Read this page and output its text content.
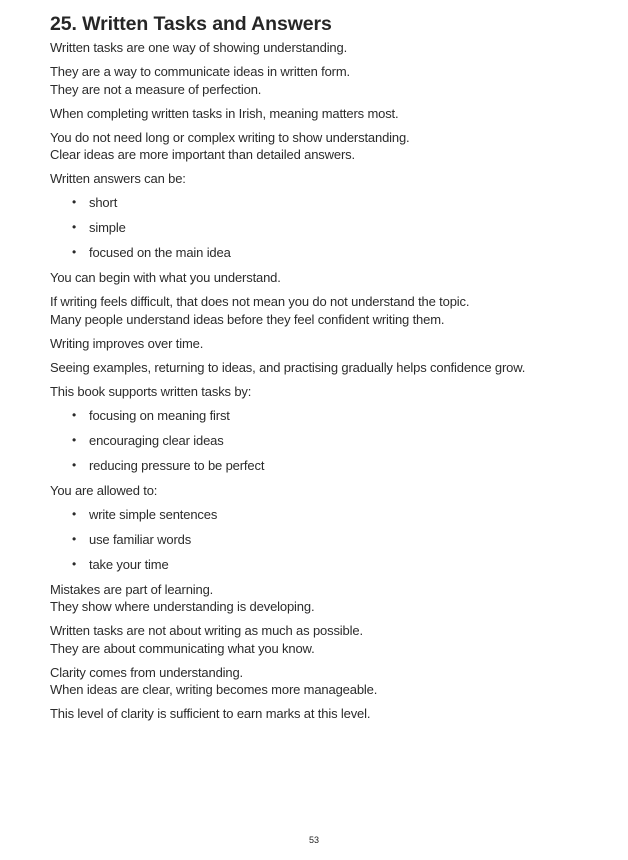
25. Written Tasks and Answers

Written tasks are one way of showing understanding.

They are a way to communicate ideas in written form.
They are not a measure of perfection.

When completing written tasks in Irish, meaning matters most.

You do not need long or complex writing to show understanding.
Clear ideas are more important than detailed answers.

Written answers can be:

• short
• simple
• focused on the main idea

You can begin with what you understand.

If writing feels difficult, that does not mean you do not understand the topic.
Many people understand ideas before they feel confident writing them.

Writing improves over time.

Seeing examples, returning to ideas, and practising gradually helps confidence grow.

This book supports written tasks by:

• focusing on meaning first
• encouraging clear ideas
• reducing pressure to be perfect

You are allowed to:

• write simple sentences
• use familiar words
• take your time

Mistakes are part of learning.
They show where understanding is developing.

Written tasks are not about writing as much as possible.
They are about communicating what you know.

Clarity comes from understanding.
When ideas are clear, writing becomes more manageable.

This level of clarity is sufficient to earn marks at this level.

53
